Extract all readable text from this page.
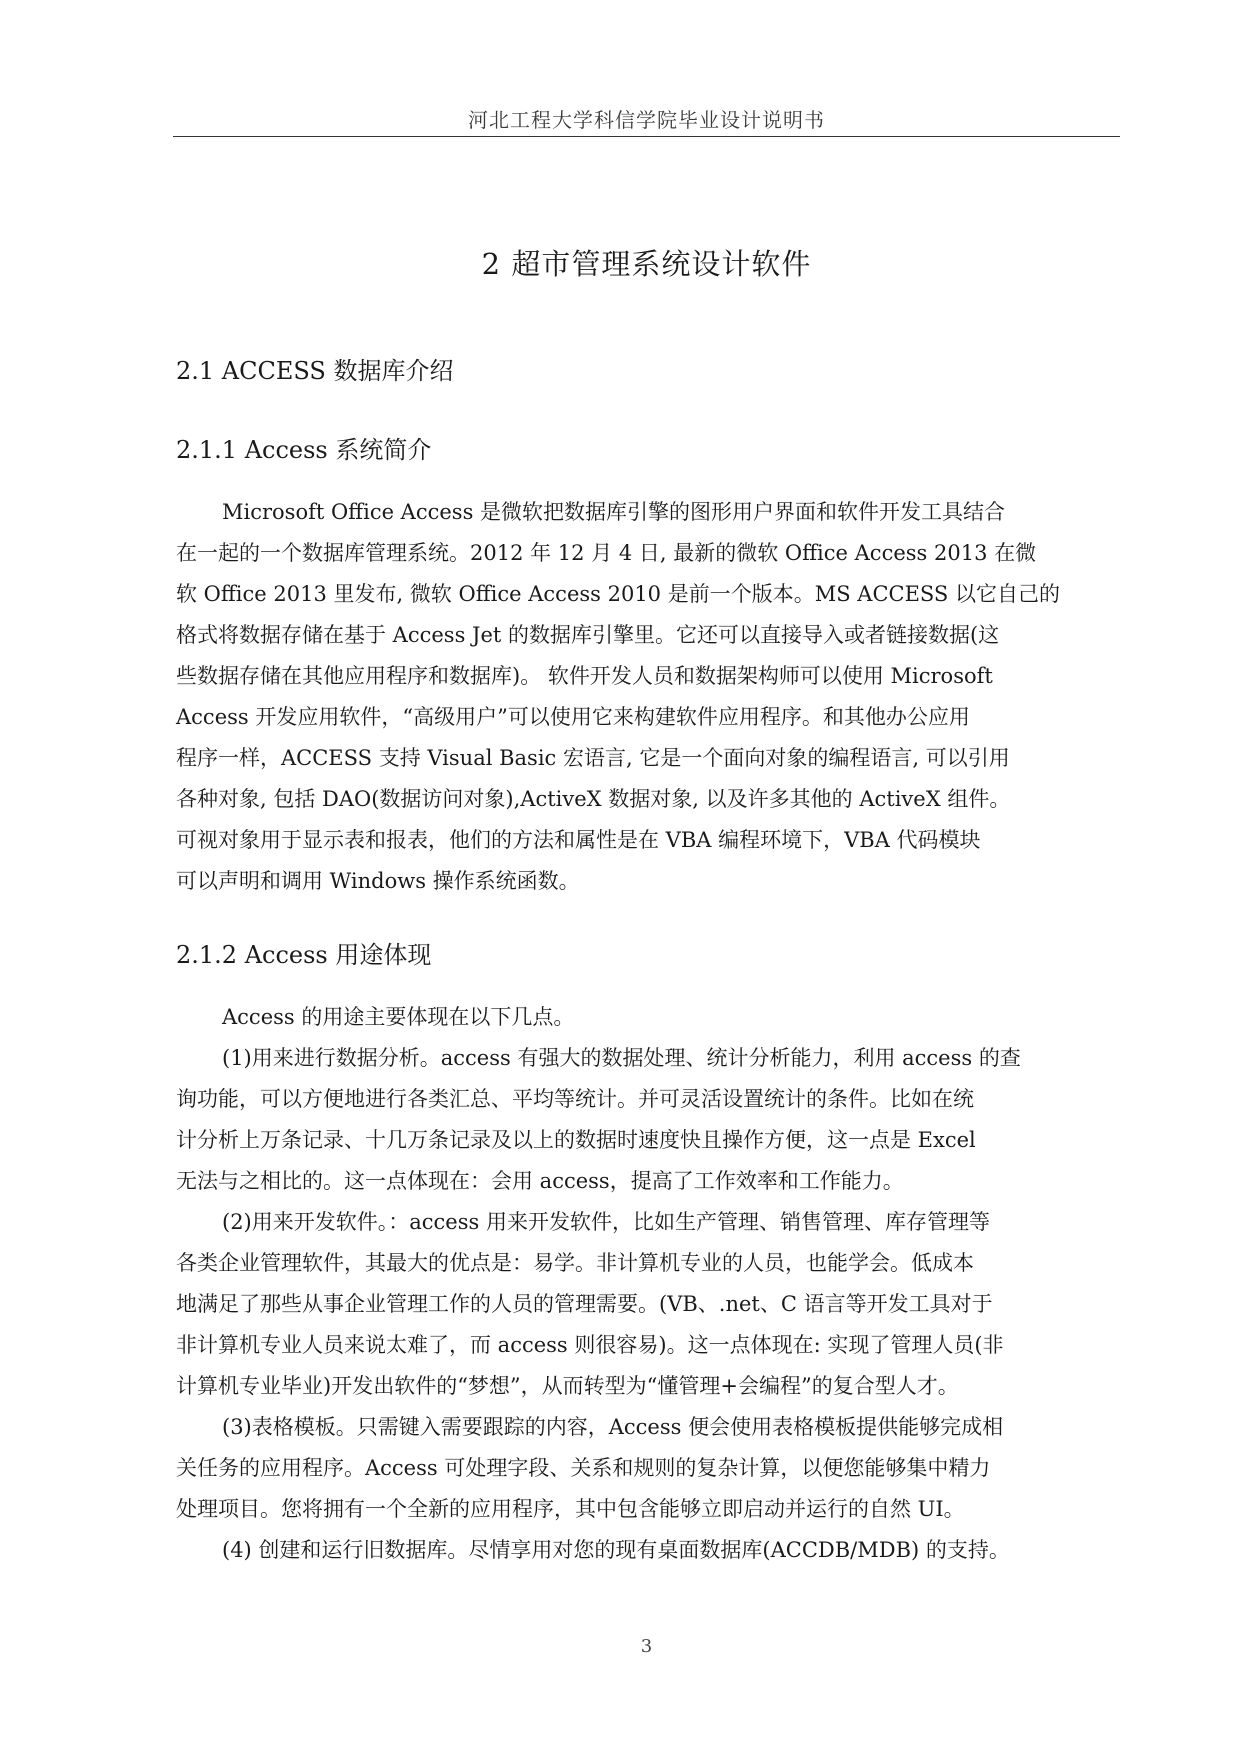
河北工程大学科信学院毕业设计说明书
2 超市管理系统设计软件
2.1 ACCESS 数据库介绍
2.1.1 Access 系统简介
Microsoft Office Access 是微软把数据库引擎的图形用户界面和软件开发工具结合
在一起的一个数据库管理系统。2012 年 12 月 4 日, 最新的微软 Office Access 2013 在微
软 Office 2013 里发布, 微软 Office Access 2010 是前一个版本。MS ACCESS 以它自己的
格式将数据存储在基于 Access Jet 的数据库引擎里。它还可以直接导入或者链接数据(这
些数据存储在其他应用程序和数据库)。 软件开发人员和数据架构师可以使用 Microsoft
Access 开发应用软件，“高级用户”可以使用它来构建软件应用程序。和其他办公应用
程序一样，ACCESS 支持 Visual Basic 宏语言, 它是一个面向对象的编程语言, 可以引用
各种对象, 包括 DAO(数据访问对象),ActiveX 数据对象, 以及许多其他的 ActiveX 组件。
可视对象用于显示表和报表，他们的方法和属性是在 VBA 编程环境下，VBA 代码模块
可以声明和调用 Windows 操作系统函数。
2.1.2 Access 用途体现
Access 的用途主要体现在以下几点。
(1)用来进行数据分析。access 有强大的数据处理、统计分析能力，利用 access 的查
询功能，可以方便地进行各类汇总、平均等统计。并可灵活设置统计的条件。比如在统
计分析上万条记录、十几万条记录及以上的数据时速度快且操作方便，这一点是 Excel
无法与之相比的。这一点体现在：会用 access，提高了工作效率和工作能力。
(2)用来开发软件。：access 用来开发软件，比如生产管理、销售管理、库存管理等
各类企业管理软件，其最大的优点是：易学。非计算机专业的人员，也能学会。低成本
地满足了那些从事企业管理工作的人员的管理需要。(VB、.net、C 语言等开发工具对于
非计算机专业人员来说太难了，而 access 则很容易)。这一点体现在: 实现了管理人员(非
计算机专业毕业)开发出软件的“梦想”，从而转型为“懂管理+会编程”的复合型人才。
(3)表格模板。只需键入需要跟踪的内容，Access 便会使用表格模板提供能够完成相
关任务的应用程序。Access 可处理字段、关系和规则的复杂计算，以便您能够集中精力
处理项目。您将拥有一个全新的应用程序，其中包含能够立即启动并运行的自然 UI。
(4) 创建和运行旧数据库。尽情享用对您的现有桌面数据库(ACCDB/MDB) 的支持。
3
